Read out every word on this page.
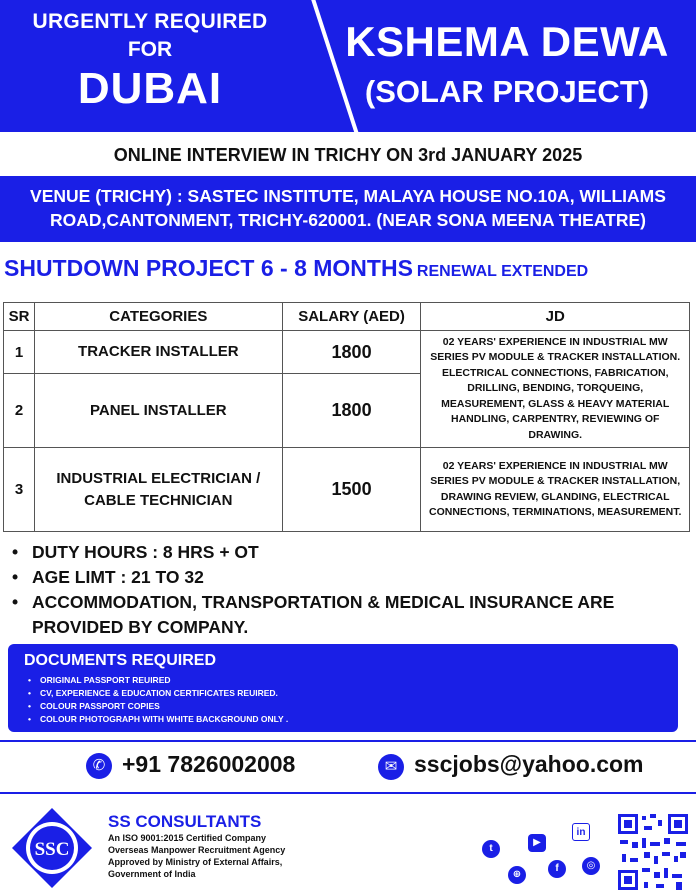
URGENTLY REQUIRED
FOR
DUBAI
KSHEMA DEWA
(SOLAR PROJECT)
ONLINE INTERVIEW IN TRICHY ON 3rd JANUARY 2025
VENUE (TRICHY) : SASTEC INSTITUTE, MALAYA HOUSE NO.10A, WILLIAMS ROAD,CANTONMENT, TRICHY-620001. (NEAR SONA MEENA THEATRE)
SHUTDOWN PROJECT 6 - 8 MONTHS RENEWAL EXTENDED
SR	CATEGORIES	SALARY (AED)	JD
1	TRACKER INSTALLER	1800	02 YEARS' EXPERIENCE IN INDUSTRIAL MW SERIES PV MODULE & TRACKER INSTALLATION. ELECTRICAL CONNECTIONS, FABRICATION, DRILLING, BENDING, TORQUEING, MEASUREMENT, GLASS & HEAVY MATERIAL HANDLING, CARPENTRY, REVIEWING OF DRAWING.
2	PANEL INSTALLER	1800	
3	INDUSTRIAL ELECTRICIAN / CABLE TECHNICIAN	1500	02 YEARS' EXPERIENCE IN INDUSTRIAL MW SERIES PV MODULE & TRACKER INSTALLATION, DRAWING REVIEW, GLANDING, ELECTRICAL CONNECTIONS, TERMINATIONS, MEASUREMENT.
• DUTY HOURS : 8 HRS + OT
• AGE LIMT : 21 TO 32
• ACCOMMODATION, TRANSPORTATION & MEDICAL INSURANCE ARE PROVIDED BY COMPANY.
DOCUMENTS REQUIRED
• ORIGINAL PASSPORT REUIRED
• CV, EXPERIENCE & EDUCATION CERTIFICATES REUIRED.
• COLOUR PASSPORT COPIES
• COLOUR PHOTOGRAPH WITH WHITE BACKGROUND ONLY .
✆ +91 7826002008	✉ sscjobs@yahoo.com
SSC
SS CONSULTANTS
An ISO 9001:2015 Certified Company
Overseas Manpower Recruitment Agency
Approved by Ministry of External Affairs,
Government of India
in
▶
t
f	◎
⊕
